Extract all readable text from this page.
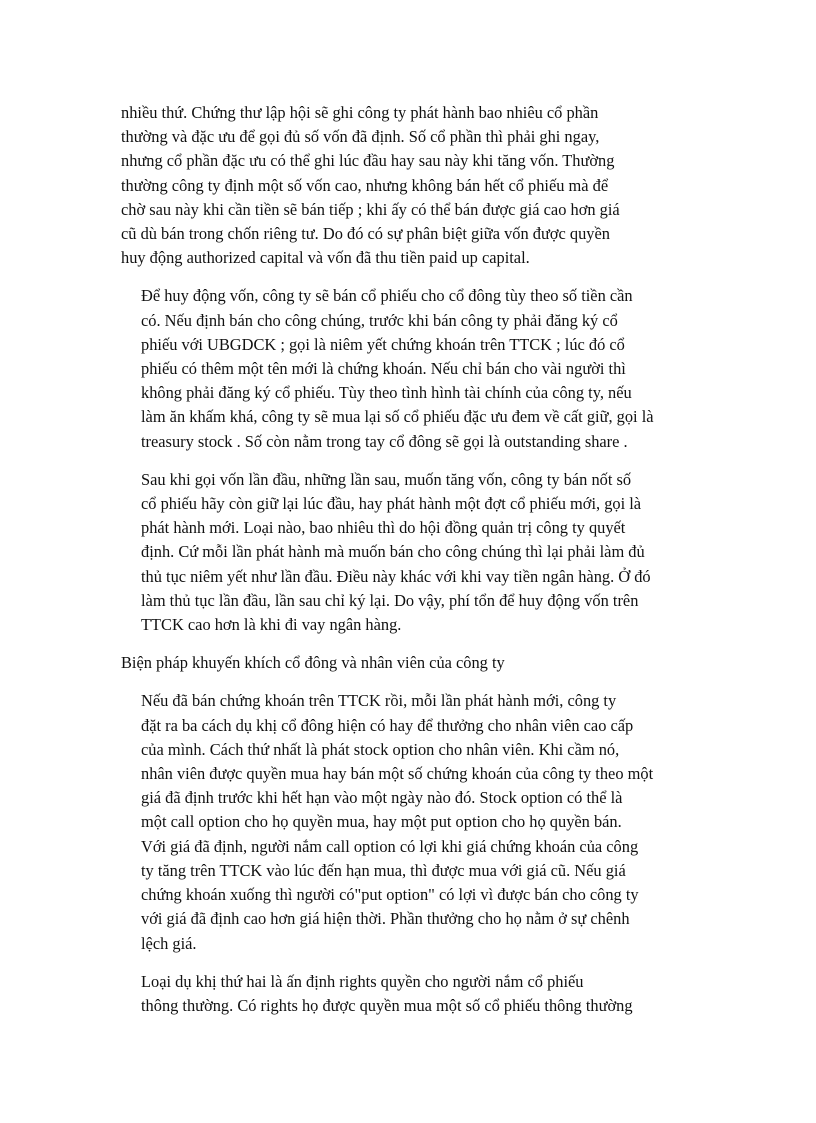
nhiều thứ. Chứng thư lập hội sẽ ghi công ty phát hành bao nhiêu cổ phần
thường và đặc ưu để gọi đủ số vốn đã định. Số cổ phần thì phải ghi ngay,
nhưng cổ phần đặc ưu có thể ghi lúc đầu hay sau này khi tăng vốn. Thường
thường công ty định một số vốn cao, nhưng không bán hết cổ phiếu mà để
chờ sau này khi cần tiền sẽ bán tiếp ; khi ấy có thể bán được giá cao hơn giá
cũ dù bán trong chốn riêng tư. Do đó có sự phân biệt giữa vốn được quyền
huy động authorized capital và vốn đã thu tiền paid up capital.

Để huy động vốn, công ty sẽ bán cổ phiếu cho cổ đông tùy theo số tiền cần
có. Nếu định bán cho công chúng, trước khi bán công ty phải đăng ký cổ
phiếu với UBGDCK ; gọi là niêm yết chứng khoán trên TTCK ; lúc đó cổ
phiếu có thêm một tên mới là chứng khoán. Nếu chỉ bán cho vài người thì
không phải đăng ký cổ phiếu. Tùy theo tình hình tài chính của công ty, nếu
làm ăn khấm khá, công ty sẽ mua lại số cổ phiếu đặc ưu đem về cất giữ, gọi là
treasury stock . Số còn nằm trong tay cổ đông sẽ gọi là outstanding share .

Sau khi gọi vốn lần đầu, những lần sau, muốn tăng vốn, công ty bán nốt số
cổ phiếu hãy còn giữ lại lúc đầu, hay phát hành một đợt cổ phiếu mới, gọi là
phát hành mới. Loại nào, bao nhiêu thì do hội đồng quản trị công ty quyết
định. Cứ mỗi lần phát hành mà muốn bán cho công chúng thì lại phải làm đủ
thủ tục niêm yết như lần đầu. Điều này khác với khi vay tiền ngân hàng. Ở đó
làm thủ tục lần đầu, lần sau chỉ ký lại. Do vậy, phí tổn để huy động vốn trên
TTCK cao hơn là khi đi vay ngân hàng.

Biện pháp khuyến khích cổ đông và nhân viên của công ty

Nếu đã bán chứng khoán trên TTCK rồi, mỗi lần phát hành mới, công ty
đặt ra ba cách dụ khị cổ đông hiện có hay để thưởng cho nhân viên cao cấp
của mình. Cách thứ nhất là phát stock option cho nhân viên. Khi cầm nó,
nhân viên được quyền mua hay bán một số chứng khoán của công ty theo một
giá đã định trước khi hết hạn vào một ngày nào đó. Stock option có thể là
một call option cho họ quyền mua, hay một put option cho họ quyền bán.
Với giá đã định, người nắm call option có lợi khi giá chứng khoán của công
ty tăng trên TTCK vào lúc đến hạn mua, thì được mua với giá cũ. Nếu giá
chứng khoán xuống thì người có"put option" có lợi vì được bán cho công ty
với giá đã định cao hơn giá hiện thời. Phần thưởng cho họ nằm ở sự chênh
lệch giá.

Loại dụ khị thứ hai là ấn định rights quyền cho người nắm cổ phiếu
thông thường. Có rights họ được quyền mua một số cổ phiếu thông thường
